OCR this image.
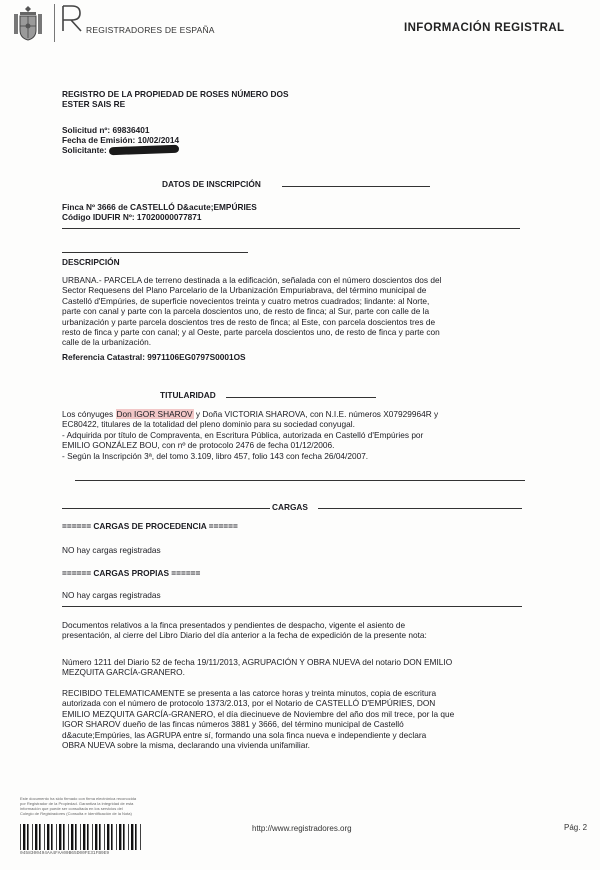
REGISTRADORES DE ESPAÑA	INFORMACIÓN REGISTRAL
REGISTRO DE LA PROPIEDAD DE ROSES NÚMERO DOS
ESTER SAIS RE
Solicitud nº: 69836401
Fecha de Emisión: 10/02/2014
Solicitante:
DATOS DE INSCRIPCIÓN
Finca Nº 3666 de CASTELLÓ D&acute;EMPÚRIES
Código IDUFIR Nº: 17020000077871
DESCRIPCIÓN
URBANA.- PARCELA de terreno destinada a la edificación, señalada con el número doscientos dos del
Sector Requesens del Plano Parcelario de la Urbanización Empuriabrava, del término municipal de
Castelló d'Empúries, de superficie novecientos treinta y cuatro metros cuadrados; lindante: al Norte,
parte con canal y parte con la parcela doscientos uno, de resto de finca; al Sur, parte con calle de la
urbanización y parte parcela doscientos tres de resto de finca; al Este, con parcela doscientos tres de
resto de finca y parte con canal; y al Oeste, parte parcela doscientos uno, de resto de finca y parte con
calle de la urbanización.
Referencia Catastral: 9971106EG0797S0001OS
TITULARIDAD
Los cónyuges Don IGOR SHAROV y Doña VICTORIA SHAROVA, con N.I.E. números X07929964R y
EC80422, titulares de la totalidad del pleno dominio para su sociedad conyugal.
- Adquirida por título de Compraventa, en Escritura Pública, autorizada en Castelló d'Empúries por
EMILIO GONZÁLEZ BOU, con nº de protocolo 2476 de fecha 01/12/2006.
- Según la Inscripción 3ª, del tomo 3.109, libro 457, folio 143 con fecha 26/04/2007.
CARGAS
====== CARGAS DE PROCEDENCIA ======
NO hay cargas registradas
====== CARGAS PROPIAS ======
NO hay cargas registradas
Documentos relativos a la finca presentados y pendientes de despacho, vigente el asiento de
presentación, al cierre del Libro Diario del día anterior a la fecha de expedición de la presente nota:
Número 1211 del Diario 52 de fecha 19/11/2013, AGRUPACIÓN Y OBRA NUEVA del notario DON EMILIO
MEZQUITA GARCÍA-GRANERO.
RECIBIDO TELEMATICAMENTE se presenta a las catorce horas y treinta minutos, copia de escritura
autorizada con el número de protocolo 1373/2.013, por el Notario de CASTELLÓ D'EMPÚRIES, DON
EMILIO MEZQUITA GARCÍA-GRANERO, el día diecinueve de Noviembre del año dos mil trece, por la que
IGOR SHAROV dueño de las fincas números 3881 y 3666, del término municipal de Castelló
d&acute;Empúries, las AGRUPA entre sí, formando una sola finca nueva e independiente y declara
OBRA NUEVA sobre la misma, declarando una vivienda unifamiliar.
Este documento ha sido firmado con firma electrónica reconocida
por Registrador de la Propiedad. Garantiza la integridad de esta
información que puede ser consultada en los servicios del
Colegio de Registradores (Consulta e Identificación de la Nota)
0458300494AA4FAA00B65D00FE31FB9E9
http://www.registradores.org	Pág. 2
